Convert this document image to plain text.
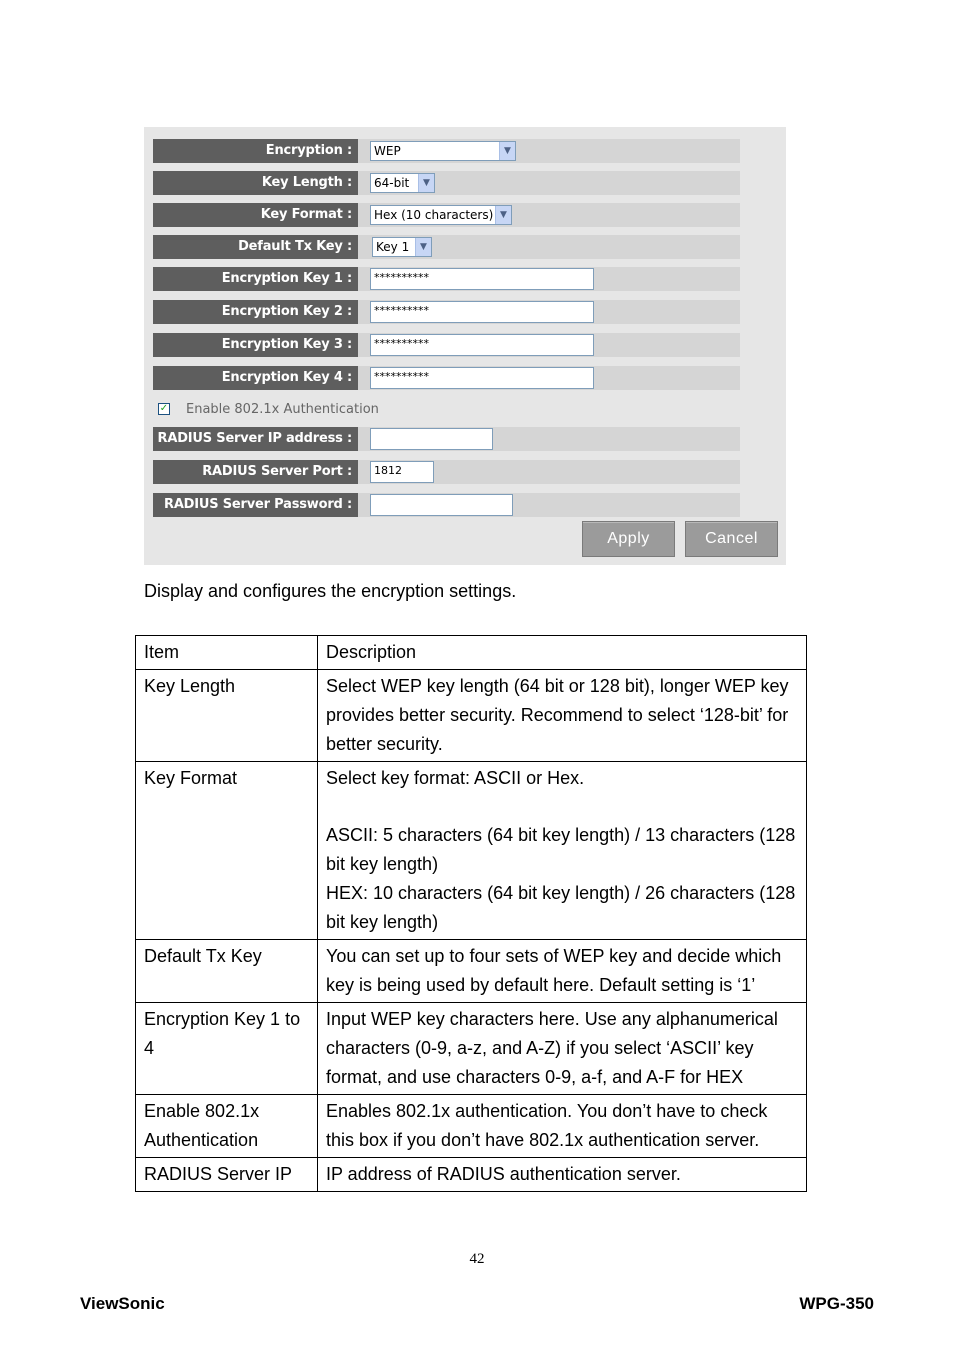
Encryption :	WEP	▼
Key Length :	64-bit	▼
Key Format :	Hex (10 characters) ▼
Default Tx Key :	Key 1	▼
Encryption Key 1 :	**********
Encryption Key 2 :	**********
Encryption Key 3 :	**********
Encryption Key 4 :	**********
✓ Enable 802.1x Authentication
RADIUS Server IP address :
RADIUS Server Port :	1812
RADIUS Server Password :
Apply	Cancel
Display and configures the encryption settings.
Item	Description
Key Length	Select WEP key length (64 bit or 128 bit), longer WEP key provides better security. Recommend to select ‘128-bit’ for better security.

Key Format	Select key format: ASCII or Hex.
ASCII: 5 characters (64 bit key length) / 13 characters (128 bit key length)
HEX: 10 characters (64 bit key length) / 26 characters (128 bit key length)

Default Tx Key	You can set up to four sets of WEP key and decide which key is being used by default here. Default setting is ‘1’

Encryption Key 1 to 4	Input WEP key characters here. Use any alphanumerical characters (0-9, a-z, and A-Z) if you select ‘ASCII’ key format, and use characters 0-9, a-f, and A-F for HEX

Enable 802.1x Authentication	Enables 802.1x authentication. You don’t have to check this box if you don’t have 802.1x authentication server.

RADIUS Server IP	IP address of RADIUS authentication server.
42
ViewSonic	WPG-350
